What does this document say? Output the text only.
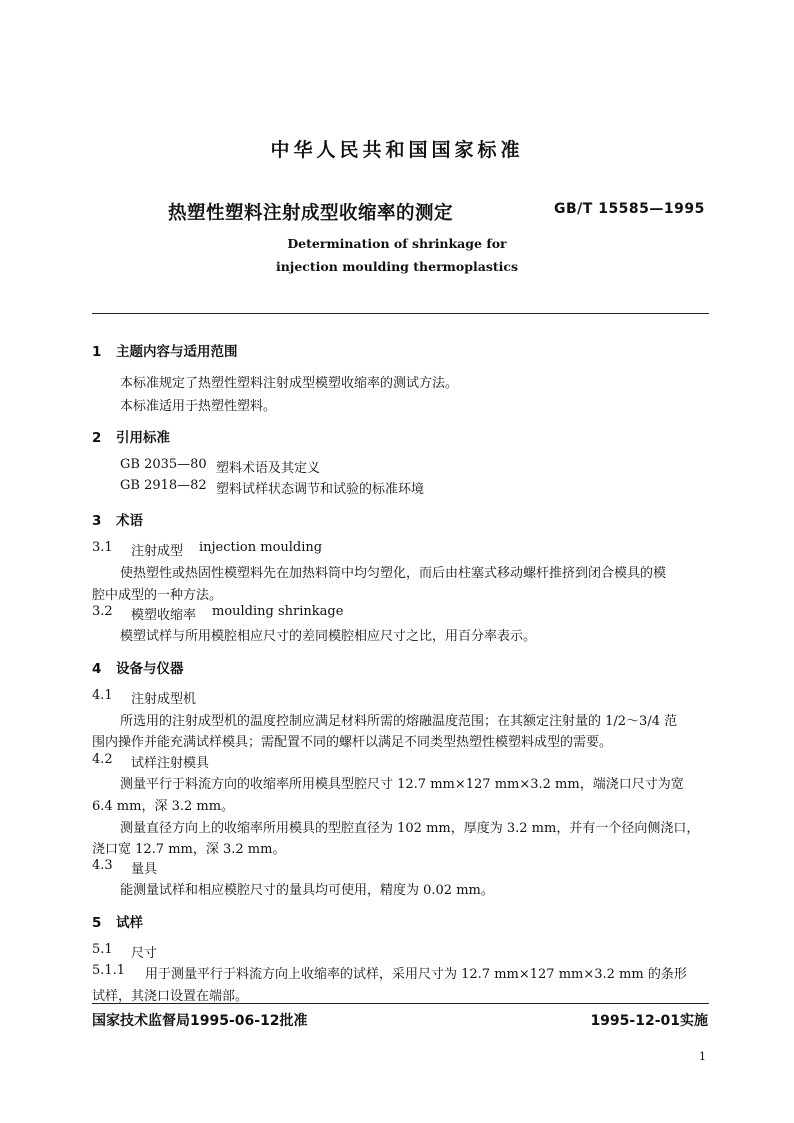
中华人民共和国国家标准
热塑性塑料注射成型收缩率的测定	GB/T 15585—1995
Determination of shrinkage for
injection moulding thermoplastics
1 主题内容与适用范围
本标准规定了热塑性塑料注射成型模塑收缩率的测试方法。
本标准适用于热塑性塑料。
2 引用标准
GB 2035—80 塑料术语及其定义
GB 2918—82 塑料试样状态调节和试验的标准环境
3 术语
3.1 注射成型 injection moulding
使热塑性或热固性模塑料先在加热料筒中均匀塑化，而后由柱塞式移动螺杆推挤到闭合模具的模
腔中成型的一种方法。
3.2 模塑收缩率 moulding shrinkage
模塑试样与所用模腔相应尺寸的差同模腔相应尺寸之比，用百分率表示。
4 设备与仪器
4.1 注射成型机
所选用的注射成型机的温度控制应满足材料所需的熔融温度范围；在其额定注射量的 1/2～3/4 范
围内操作并能充满试样模具；需配置不同的螺杆以满足不同类型热塑性模塑料成型的需要。
4.2 试样注射模具
测量平行于料流方向的收缩率所用模具型腔尺寸 12.7 mm×127 mm×3.2 mm，端浇口尺寸为宽
6.4 mm，深 3.2 mm。
测量直径方向上的收缩率所用模具的型腔直径为 102 mm，厚度为 3.2 mm，并有一个径向侧浇口，
浇口宽 12.7 mm，深 3.2 mm。
4.3 量具
能测量试样和相应模腔尺寸的量具均可使用，精度为 0.02 mm。
5 试样
5.1 尺寸
5.1.1 用于测量平行于料流方向上收缩率的试样，采用尺寸为 12.7 mm×127 mm×3.2 mm 的条形
试样，其浇口设置在端部。
国家技术监督局1995-06-12批准	1995-12-01实施
1
